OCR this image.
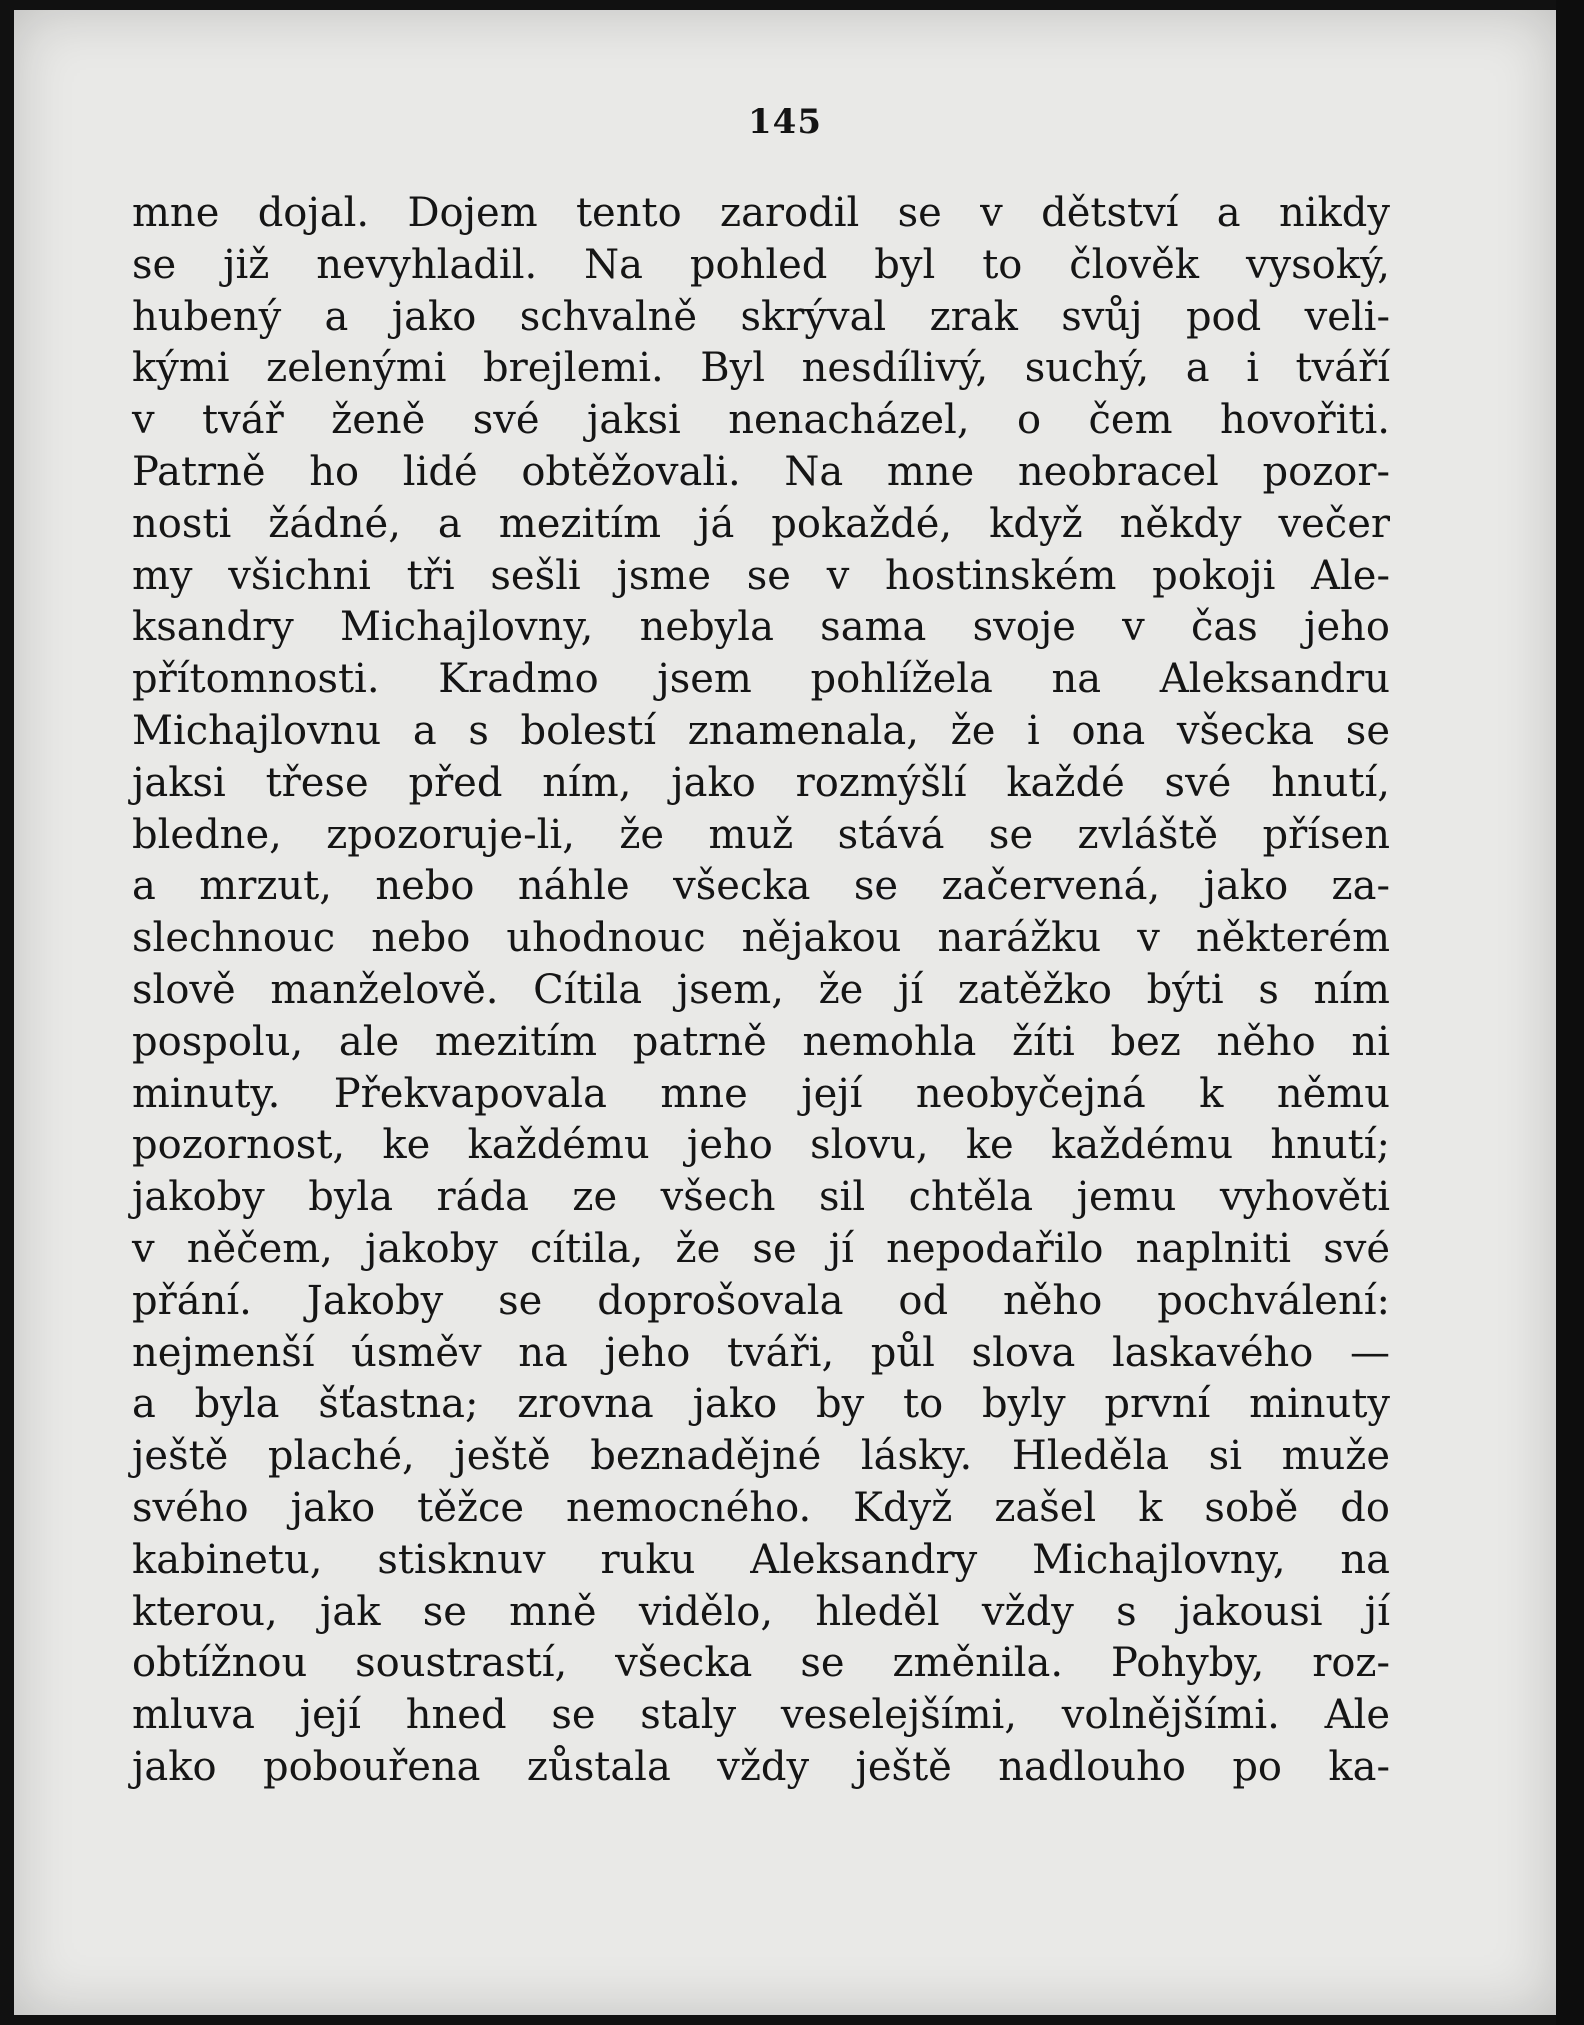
145
mne dojal. Dojem tento zarodil se v dětství a nikdy
se již nevyhladil. Na pohled byl to člověk vysoký,
hubený a jako schvalně skrýval zrak svůj pod veli-
kými zelenými brejlemi. Byl nesdílivý, suchý, a i tváří
v tvář ženě své jaksi nenacházel, o čem hovořiti.
Patrně ho lidé obtěžovali. Na mne neobracel pozor-
nosti žádné, a mezitím já pokaždé, když někdy večer
my všichni tři sešli jsme se v hostinském pokoji Ale-
ksandry Michajlovny, nebyla sama svoje v čas jeho
přítomnosti. Kradmo jsem pohlížela na Aleksandru
Michajlovnu a s bolestí znamenala, že i ona všecka se
jaksi třese před ním, jako rozmýšlí každé své hnutí,
bledne, zpozoruje-li, že muž stává se zvláště přísen
a mrzut, nebo náhle všecka se začervená, jako za-
slechnouc nebo uhodnouc nějakou narážku v některém
slově manželově. Cítila jsem, že jí zatěžko býti s ním
pospolu, ale mezitím patrně nemohla žíti bez něho ni
minuty. Překvapovala mne její neobyčejná k němu
pozornost, ke každému jeho slovu, ke každému hnutí;
jakoby byla ráda ze všech sil chtěla jemu vyhověti
v něčem, jakoby cítila, že se jí nepodařilo naplniti své
přání. Jakoby se doprošovala od něho pochválení:
nejmenší úsměv na jeho tváři, půl slova laskavého —
a byla šťastna; zrovna jako by to byly první minuty
ještě plaché, ještě beznadějné lásky. Hleděla si muže
svého jako těžce nemocného. Když zašel k sobě do
kabinetu, stisknuv ruku Aleksandry Michajlovny, na
kterou, jak se mně vidělo, hleděl vždy s jakousi jí
obtížnou soustrastí, všecka se změnila. Pohyby, roz-
mluva její hned se staly veselejšími, volnějšími. Ale
jako pobouřena zůstala vždy ještě nadlouho po ka-
